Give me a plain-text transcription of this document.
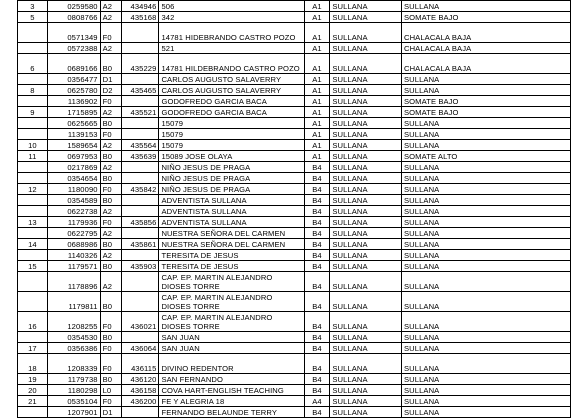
3	0259580	A2	434946	506	A1	SULLANA	SULLANA
5	0808766	A2	435168	342	A1	SULLANA	SOMATE BAJO
	0571349	F0		14781 HIDEBRANDO CASTRO POZO	A1	SULLANA	CHALACALA BAJA
	0572388	A2		521	A1	SULLANA	CHALACALA BAJA
6	0689166	B0	435229	14781 HILDEBRANDO CASTRO POZO	A1	SULLANA	CHALACALA BAJA
	0356477	D1		CARLOS AUGUSTO SALAVERRY	A1	SULLANA	SULLANA
8	0625780	D2	435465	CARLOS AUGUSTO SALAVERRY	A1	SULLANA	SULLANA
	1136902	F0		GODOFREDO GARCIA BACA	A1	SULLANA	SOMATE BAJO
9	1715895	A2	435521	GODOFREDO GARCIA BACA	A1	SULLANA	SOMATE BAJO
	0625665	B0		15079	A1	SULLANA	SULLANA
	1139153	F0		15079	A1	SULLANA	SULLANA
10	1589654	A2	435564	15079	A1	SULLANA	SULLANA
11	0697953	B0	435639	15089 JOSE OLAYA	A1	SULLANA	SOMATE ALTO
	0217869	A2		NIÑO JESUS DE PRAGA	B4	SULLANA	SULLANA
	0354654	B0		NIÑO JESUS DE PRAGA	B4	SULLANA	SULLANA
12	1180090	F0	435842	NIÑO JESUS DE PRAGA	B4	SULLANA	SULLANA
	0354589	B0		ADVENTISTA SULLANA	B4	SULLANA	SULLANA
	0622738	A2		ADVENTISTA SULLANA	B4	SULLANA	SULLANA
13	1179936	F0	435856	ADVENTISTA SULLANA	B4	SULLANA	SULLANA
	0622795	A2		NUESTRA SEÑORA DEL CARMEN	B4	SULLANA	SULLANA
14	0688986	B0	435861	NUESTRA SEÑORA DEL CARMEN	B4	SULLANA	SULLANA
	1140326	A2		TERESITA DE JESUS	B4	SULLANA	SULLANA
15	1179571	B0	435903	TERESITA DE JESUS	B4	SULLANA	SULLANA
	1178896	A2		CAP. EP. MARTIN ALEJANDRO DIOSES TORRE	B4	SULLANA	SULLANA
	1179811	B0		CAP. EP. MARTIN ALEJANDRO DIOSES TORRE	B4	SULLANA	SULLANA
16	1208255	F0	436021	CAP. EP. MARTIN ALEJANDRO DIOSES TORRE	B4	SULLANA	SULLANA
	0354530	B0		SAN JUAN	B4	SULLANA	SULLANA
17	0356386	F0	436064	SAN JUAN	B4	SULLANA	SULLANA
18	1208339	F0	436115	DIVINO REDENTOR	B4	SULLANA	SULLANA
19	1179738	B0	436120	SAN FERNANDO	B4	SULLANA	SULLANA
20	1180298	L0	436158	COVA HART-ENGLISH TEACHING	B4	SULLANA	SULLANA
21	0535104	F0	436200	FE Y ALEGRIA 18	A4	SULLANA	SULLANA
	1207901	D1		FERNANDO BELAUNDE TERRY	B4	SULLANA	SULLANA
